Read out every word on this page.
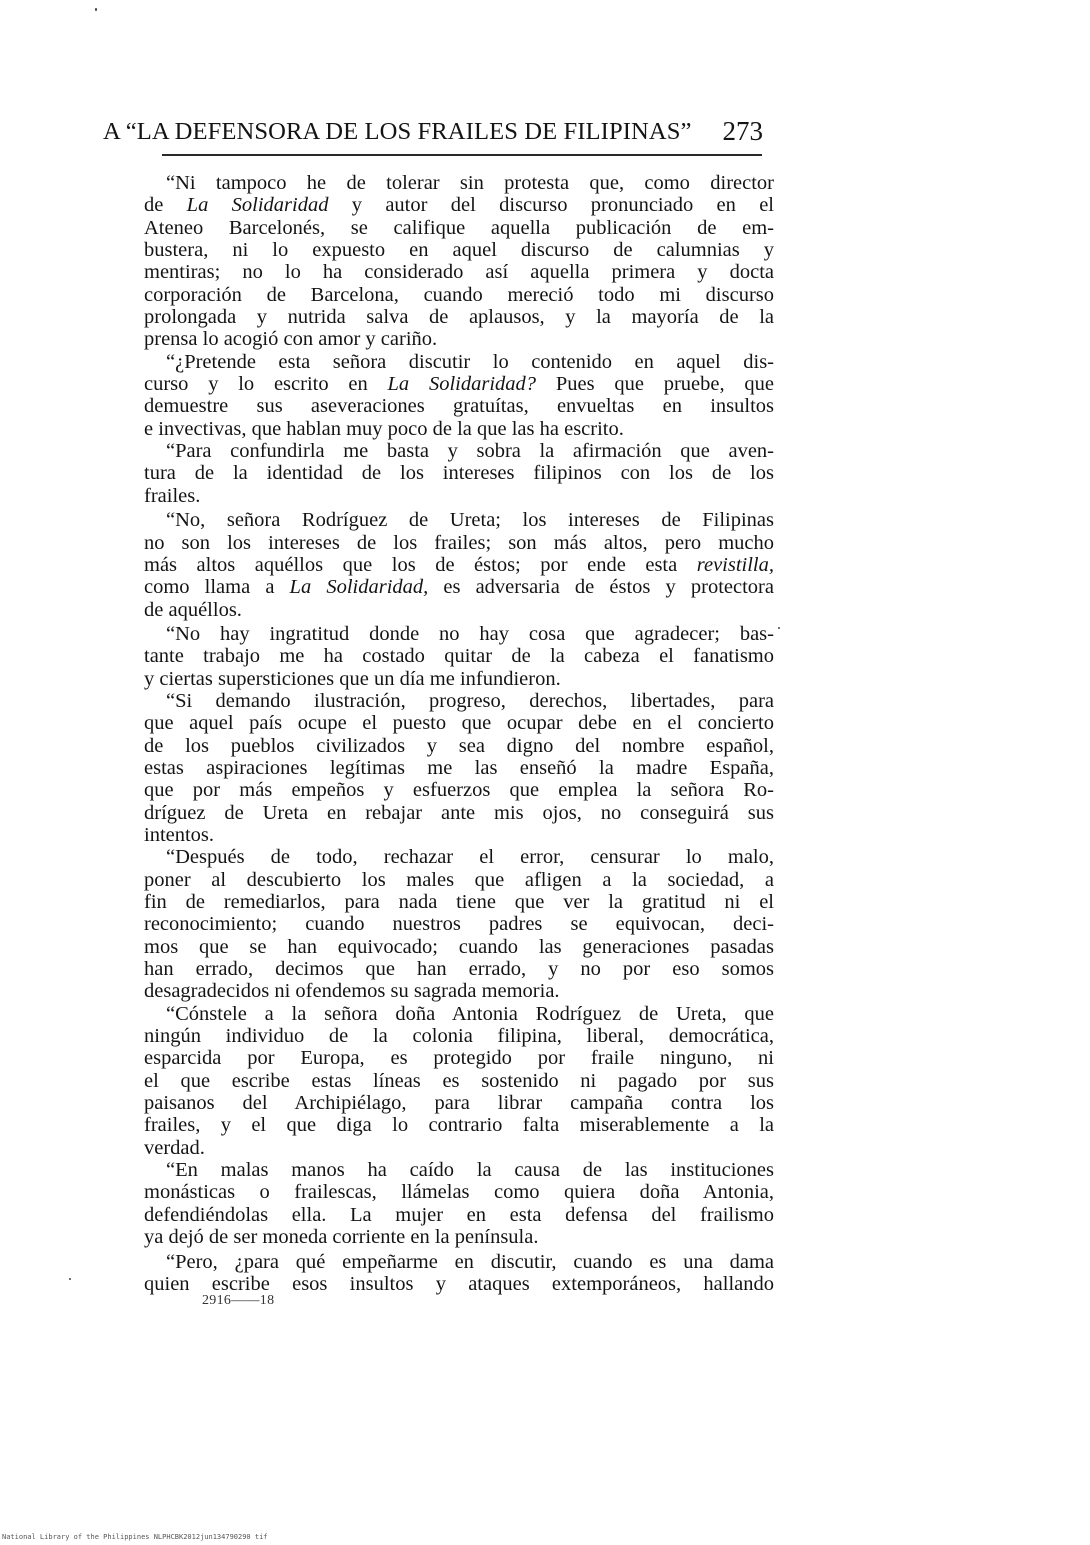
A “LA DEFENSORA DE LOS FRAILES DE FILIPINAS” 273

“Ni tampoco he de tolerar sin protesta que, como director
de La Solidaridad y autor del discurso pronunciado en el
Ateneo Barcelonés, se califique aquella publicación de em-
bustera, ni lo expuesto en aquel discurso de calumnias y
mentiras; no lo ha considerado así aquella primera y docta
corporación de Barcelona, cuando mereció todo mi discurso
prolongada y nutrida salva de aplausos, y la mayoría de la
prensa lo acogió con amor y cariño.

“¿Pretende esta señora discutir lo contenido en aquel dis-
curso y lo escrito en La Solidaridad? Pues que pruebe, que
demuestre sus aseveraciones gratuítas, envueltas en insultos
e invectivas, que hablan muy poco de la que las ha escrito.

“Para confundirla me basta y sobra la afirmación que aven-
tura de la identidad de los intereses filipinos con los de los
frailes.

“No, señora Rodríguez de Ureta; los intereses de Filipinas
no son los intereses de los frailes; son más altos, pero mucho
más altos aquéllos que los de éstos; por ende esta revistilla,
como llama a La Solidaridad, es adversaria de éstos y protectora
de aquéllos.

“No hay ingratitud donde no hay cosa que agradecer; bas-
tante trabajo me ha costado quitar de la cabeza el fanatismo
y ciertas supersticiones que un día me infundieron.

“Si demando ilustración, progreso, derechos, libertades, para
que aquel país ocupe el puesto que ocupar debe en el concierto
de los pueblos civilizados y sea digno del nombre español,
estas aspiraciones legítimas me las enseñó la madre España,
que por más empeños y esfuerzos que emplea la señora Ro-
dríguez de Ureta en rebajar ante mis ojos, no conseguirá sus
intentos.

“Después de todo, rechazar el error, censurar lo malo,
poner al descubierto los males que afligen a la sociedad, a
fin de remediarlos, para nada tiene que ver la gratitud ni el
reconocimiento; cuando nuestros padres se equivocan, deci-
mos que se han equivocado; cuando las generaciones pasadas
han errado, decimos que han errado, y no por eso somos
desagradecidos ni ofendemos su sagrada memoria.

“Cónstele a la señora doña Antonia Rodríguez de Ureta, que
ningún individuo de la colonia filipina, liberal, democrática,
esparcida por Europa, es protegido por fraile ninguno, ni
el que escribe estas líneas es sostenido ni pagado por sus
paisanos del Archipiélago, para librar campaña contra los
frailes, y el que diga lo contrario falta miserablemente a la
verdad.

“En malas manos ha caído la causa de las instituciones
monásticas o frailescas, llámelas como quiera doña Antonia,
defendiéndolas ella. La mujer en esta defensa del frailismo
ya dejó de ser moneda corriente en la península.

“Pero, ¿para qué empeñarme en discutir, cuando es una dama
quien escribe esos insultos y ataques extemporáneos, hallando

2916——18
National Library of the Philippines NLPHCBK2012jun134790290 tif
